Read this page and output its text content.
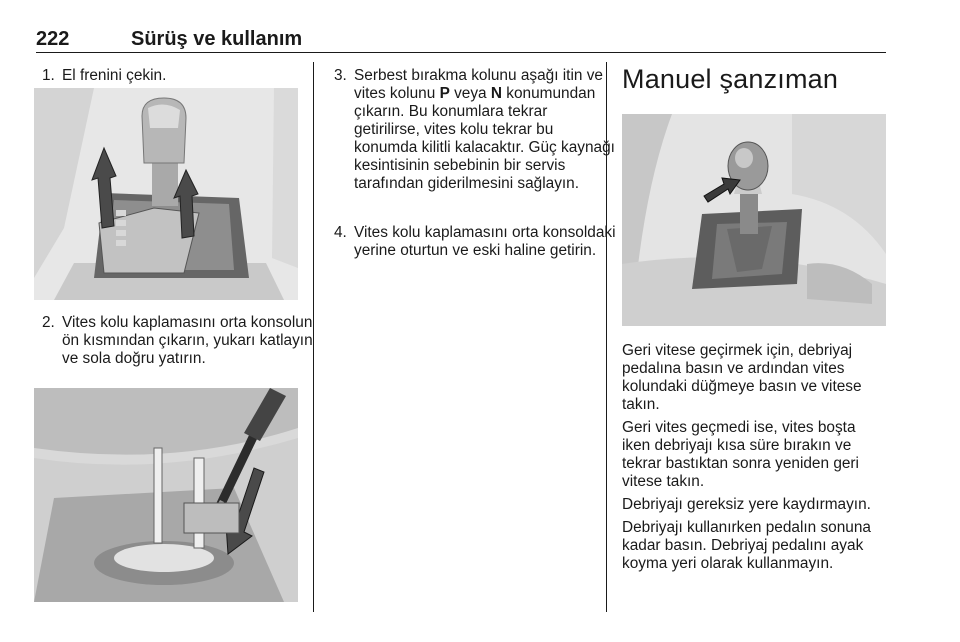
222	Sürüş ve kullanım
1. El frenini çekin.
2. Vites kolu kaplamasını orta konsolun ön kısmından çıkarın, yukarı katlayın ve sola doğru yatırın.
3. Serbest bırakma kolunu aşağı itin ve vites kolunu P veya N konumundan çıkarın. Bu konumlara tekrar getirilirse, vites kolu tekrar bu konumda kilitli kalacaktır. Güç kaynağı kesintisinin sebebinin bir servis tarafından giderilmesini sağlayın.
4. Vites kolu kaplamasını orta konsoldaki yerine oturtun ve eski haline getirin.
Manuel şanzıman
Geri vitese geçirmek için, debriyaj pedalına basın ve ardından vites kolundaki düğmeye basın ve vitese takın.
Geri vites geçmedi ise, vites boşta iken debriyajı kısa süre bırakın ve tekrar bastıktan sonra yeniden geri vitese takın.
Debriyajı gereksiz yere kaydırmayın.
Debriyajı kullanırken pedalın sonuna kadar basın. Debriyaj pedalını ayak koyma yeri olarak kullanmayın.
